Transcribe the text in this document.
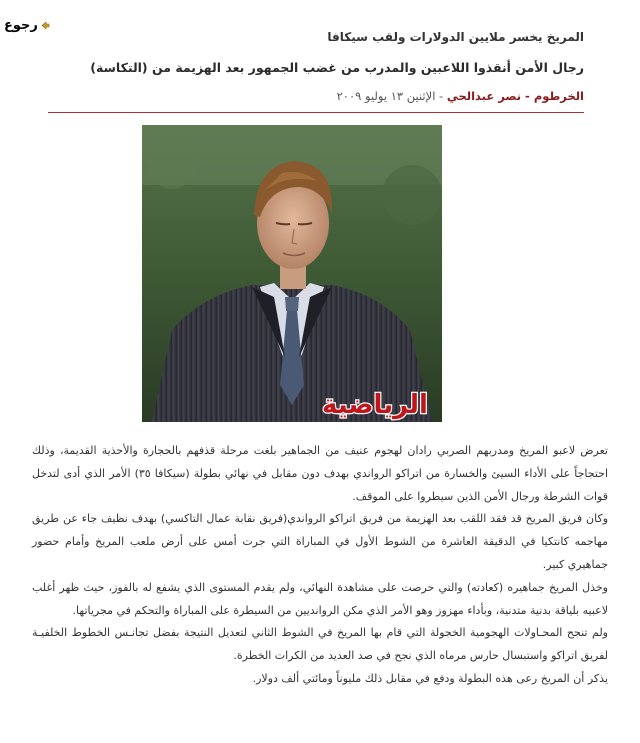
رجوع
المريخ يخسر ملايين الدولارات ولقب سيكافا
رجال الأمن أنقذوا اللاعبين والمدرب من غضب الجمهور بعد الهزيمة من (التكاسة)
الخرطوم - نصر عبدالحي - الإثنين ١٣ يوليو ٢٠٠٩
الرياضية

تعرض لاعبو المريخ ومدربهم الصربي رادان لهجوم عنيف من الجماهير بلغت مرحلة قذفهم بالحجارة والأحذية القديمة، وذلك احتجاجاً على الأداء السيئ والخسارة من اتراكو الرواندي بهدف دون مقابل في نهائي بطولة (سيكافا ٣٥) الأمر الذي أدى لتدخل قوات الشرطة ورجال الأمن الذين سيطروا على الموقف.

وكان فريق المريخ قد فقد اللقب بعد الهزيمة من فريق اتراكو الرواندي(فريق نقابة عمال التاكسي) بهدف نظيف جاء عن طريق مهاجمه كانتكيا في الدقيقة العاشرة من الشوط الأول في المباراة التي جرت أمس على أرض ملعب المريخ وأمام حضور جماهيري كبير.

وخذل المريخ جماهيره (كعادته) والتي حرصت على مشاهدة النهائي، ولم يقدم المستوى الذي يشفع له بالفوز، حيث ظهر أغلب لاعبيه بلياقة بدنية متدنية، وبأداء مهزوز وهو الأمر الذي مكن الروانديين من السيطرة على المباراة والتحكم في مجرياتها.

ولم تنجح المحـاولات الهجومية الخجولة التي قام بها المريخ في الشوط الثاني لتعديل النتيجة بفضل تجانـس الخطوط الخلفيـة لفريق اتراكو واستبسال حارس مرماه الذي نجح في صد العديد من الكرات الخطرة.

يذكر أن المريخ رعى هذه البطولة ودفع في مقابل ذلك مليوناً ومائتي ألف دولار.
